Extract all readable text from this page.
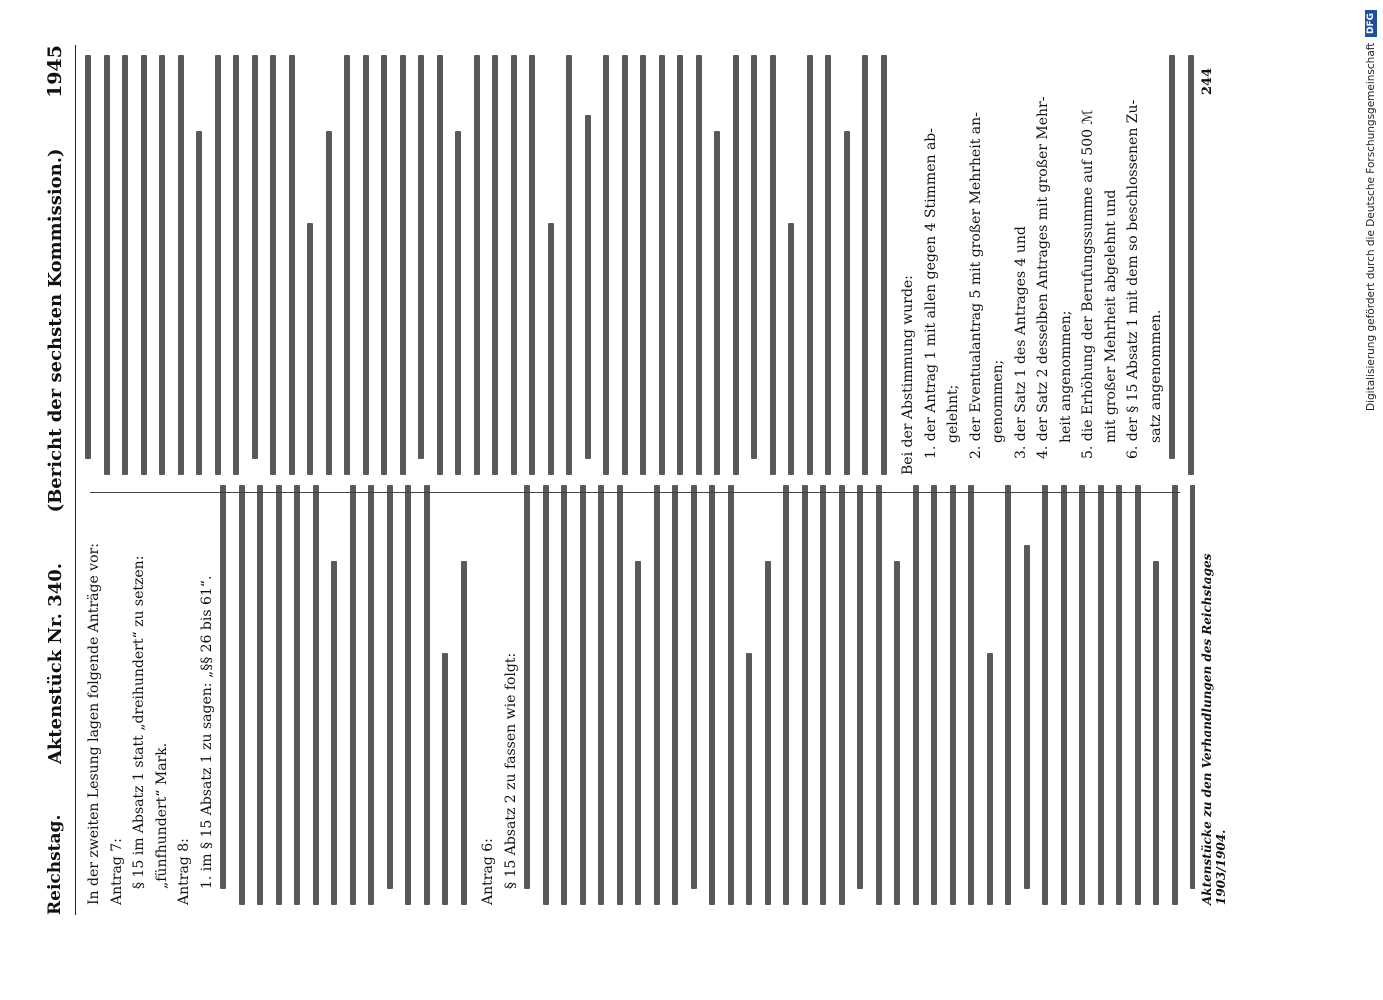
Reichstag.
Aktenstück Nr. 340.
(Bericht der sechsten Kommission.)
1945
In der zweiten Lesung lagen folgende Anträge vor: Antrag 7: § 15 im Absatz 1 statt „dreihundert“ zu setzen: „fünfhundert“ Mark. Antrag 8: 1. im § 15 Absatz 1 zu sagen: „§§ 26 bis 61“.	Antrag 6: § 15 Absatz 2 zu fassen wie folgt:
Bei der Abstimmung wurde: 1. der Antrag 1 mit allen gegen 4 Stimmen ab- gelehnt; 2. der Eventualantrag 5 mit großer Mehrheit an- genommen; 3. der Satz 1 des Antrages 4 und 4. der Satz 2 desselben Antrages mit großer Mehr- heit angenommen; 5. die Erhöhung der Berufungssumme auf 500 ℳ mit großer Mehrheit abgelehnt und 6. der § 15 Absatz 1 mit dem so beschlossenen Zu- satz angenommen.
Aktenstücke zu den Verhandlungen des Reichstages 1903/1904.
244	Digitalisierung gefördert durch die Deutsche Forschungsgemeinschaft
DFG
